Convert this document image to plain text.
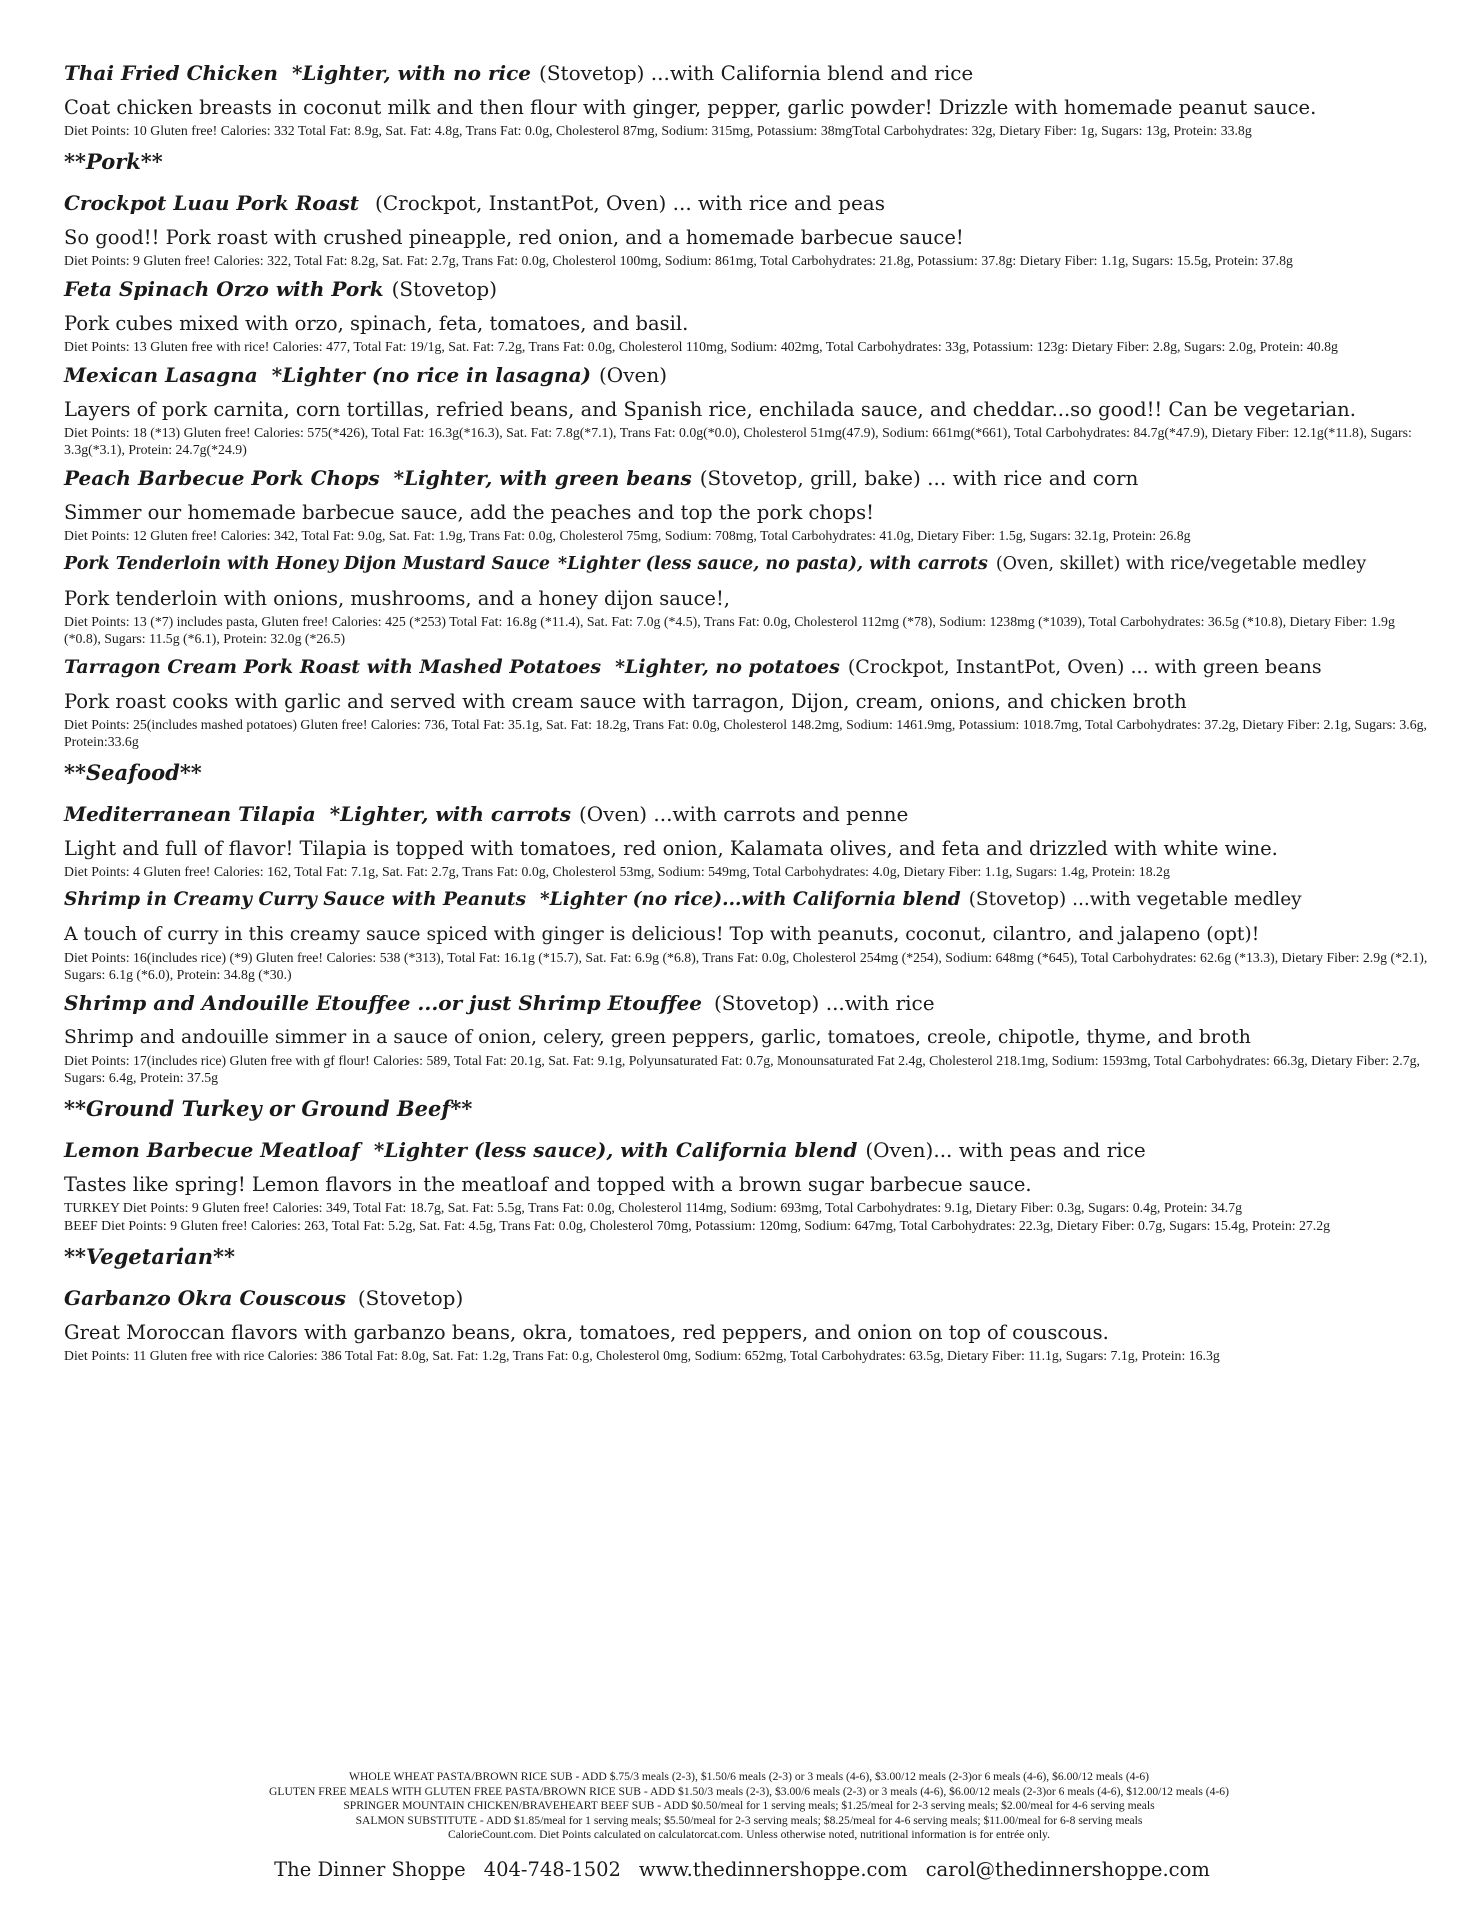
Thai Fried Chicken *Lighter, with no rice (Stovetop) ...with California blend and rice
Coat chicken breasts in coconut milk and then flour with ginger, pepper, garlic powder! Drizzle with homemade peanut sauce.
Diet Points: 10 Gluten free! Calories: 332 Total Fat: 8.9g, Sat. Fat: 4.8g, Trans Fat: 0.0g, Cholesterol 87mg, Sodium: 315mg, Potassium: 38mgTotal Carbohydrates: 32g, Dietary Fiber: 1g, Sugars: 13g, Protein: 33.8g
**Pork**
Crockpot Luau Pork Roast (Crockpot, InstantPot, Oven) ... with rice and peas
So good!! Pork roast with crushed pineapple, red onion, and a homemade barbecue sauce!
Diet Points: 9 Gluten free! Calories: 322, Total Fat: 8.2g, Sat. Fat: 2.7g, Trans Fat: 0.0g, Cholesterol 100mg, Sodium: 861mg, Total Carbohydrates: 21.8g, Potassium: 37.8g: Dietary Fiber: 1.1g, Sugars: 15.5g, Protein: 37.8g
Feta Spinach Orzo with Pork (Stovetop)
Pork cubes mixed with orzo, spinach, feta, tomatoes, and basil.
Diet Points: 13 Gluten free with rice! Calories: 477, Total Fat: 19/1g, Sat. Fat: 7.2g, Trans Fat: 0.0g, Cholesterol 110mg, Sodium: 402mg, Total Carbohydrates: 33g, Potassium: 123g: Dietary Fiber: 2.8g, Sugars: 2.0g, Protein: 40.8g
Mexican Lasagna *Lighter (no rice in lasagna) (Oven)
Layers of pork carnita, corn tortillas, refried beans, and Spanish rice, enchilada sauce, and cheddar...so good!! Can be vegetarian.
Diet Points: 18 (*13) Gluten free! Calories: 575(*426), Total Fat: 16.3g(*16.3), Sat. Fat: 7.8g(*7.1), Trans Fat: 0.0g(*0.0), Cholesterol 51mg(47.9), Sodium: 661mg(*661), Total Carbohydrates: 84.7g(*47.9), Dietary Fiber: 12.1g(*11.8), Sugars: 3.3g(*3.1), Protein: 24.7g(*24.9)
Peach Barbecue Pork Chops *Lighter, with green beans (Stovetop, grill, bake) ... with rice and corn
Simmer our homemade barbecue sauce, add the peaches and top the pork chops!
Diet Points: 12 Gluten free! Calories: 342, Total Fat: 9.0g, Sat. Fat: 1.9g, Trans Fat: 0.0g, Cholesterol 75mg, Sodium: 708mg, Total Carbohydrates: 41.0g, Dietary Fiber: 1.5g, Sugars: 32.1g, Protein: 26.8g
Pork Tenderloin with Honey Dijon Mustard Sauce *Lighter (less sauce, no pasta), with carrots (Oven, skillet) with rice/vegetable medley
Pork tenderloin with onions, mushrooms, and a honey dijon sauce!,
Diet Points: 13 (*7) includes pasta, Gluten free! Calories: 425 (*253) Total Fat: 16.8g (*11.4), Sat. Fat: 7.0g (*4.5), Trans Fat: 0.0g, Cholesterol 112mg (*78), Sodium: 1238mg (*1039), Total Carbohydrates: 36.5g (*10.8), Dietary Fiber: 1.9g (*0.8), Sugars: 11.5g (*6.1), Protein: 32.0g (*26.5)
Tarragon Cream Pork Roast with Mashed Potatoes *Lighter, no potatoes (Crockpot, InstantPot, Oven) ... with green beans
Pork roast cooks with garlic and served with cream sauce with tarragon, Dijon, cream, onions, and chicken broth
Diet Points: 25(includes mashed potatoes) Gluten free! Calories: 736, Total Fat: 35.1g, Sat. Fat: 18.2g, Trans Fat: 0.0g, Cholesterol 148.2mg, Sodium: 1461.9mg, Potassium: 1018.7mg, Total Carbohydrates: 37.2g, Dietary Fiber: 2.1g, Sugars: 3.6g, Protein:33.6g
**Seafood**
Mediterranean Tilapia *Lighter, with carrots (Oven) ...with carrots and penne
Light and full of flavor! Tilapia is topped with tomatoes, red onion, Kalamata olives, and feta and drizzled with white wine.
Diet Points: 4 Gluten free! Calories: 162, Total Fat: 7.1g, Sat. Fat: 2.7g, Trans Fat: 0.0g, Cholesterol 53mg, Sodium: 549mg, Total Carbohydrates: 4.0g, Dietary Fiber: 1.1g, Sugars: 1.4g, Protein: 18.2g
Shrimp in Creamy Curry Sauce with Peanuts *Lighter (no rice)...with California blend (Stovetop) ...with vegetable medley
A touch of curry in this creamy sauce spiced with ginger is delicious! Top with peanuts, coconut, cilantro, and jalapeno (opt)!
Diet Points: 16(includes rice) (*9) Gluten free! Calories: 538 (*313), Total Fat: 16.1g (*15.7), Sat. Fat: 6.9g (*6.8), Trans Fat: 0.0g, Cholesterol 254mg (*254), Sodium: 648mg (*645), Total Carbohydrates: 62.6g (*13.3), Dietary Fiber: 2.9g (*2.1), Sugars: 6.1g (*6.0), Protein: 34.8g (*30.)
Shrimp and Andouille Etouffee ...or just Shrimp Etouffee (Stovetop) ...with rice
Shrimp and andouille simmer in a sauce of onion, celery, green peppers, garlic, tomatoes, creole, chipotle, thyme, and broth
Diet Points: 17(includes rice) Gluten free with gf flour! Calories: 589, Total Fat: 20.1g, Sat. Fat: 9.1g, Polyunsaturated Fat: 0.7g, Monounsaturated Fat 2.4g, Cholesterol 218.1mg, Sodium: 1593mg, Total Carbohydrates: 66.3g, Dietary Fiber: 2.7g, Sugars: 6.4g, Protein: 37.5g
**Ground Turkey or Ground Beef**
Lemon Barbecue Meatloaf *Lighter (less sauce), with California blend (Oven)... with peas and rice
Tastes like spring! Lemon flavors in the meatloaf and topped with a brown sugar barbecue sauce.
TURKEY Diet Points: 9 Gluten free! Calories: 349, Total Fat: 18.7g, Sat. Fat: 5.5g, Trans Fat: 0.0g, Cholesterol 114mg, Sodium: 693mg, Total Carbohydrates: 9.1g, Dietary Fiber: 0.3g, Sugars: 0.4g, Protein: 34.7g
BEEF Diet Points: 9 Gluten free! Calories: 263, Total Fat: 5.2g, Sat. Fat: 4.5g, Trans Fat: 0.0g, Cholesterol 70mg, Potassium: 120mg, Sodium: 647mg, Total Carbohydrates: 22.3g, Dietary Fiber: 0.7g, Sugars: 15.4g, Protein: 27.2g
**Vegetarian**
Garbanzo Okra Couscous (Stovetop)
Great Moroccan flavors with garbanzo beans, okra, tomatoes, red peppers, and onion on top of couscous.
Diet Points: 11 Gluten free with rice Calories: 386 Total Fat: 8.0g, Sat. Fat: 1.2g, Trans Fat: 0.g, Cholesterol 0mg, Sodium: 652mg, Total Carbohydrates: 63.5g, Dietary Fiber: 11.1g, Sugars: 7.1g, Protein: 16.3g
WHOLE WHEAT PASTA/BROWN RICE SUB - ADD $.75/3 meals (2-3), $1.50/6 meals (2-3) or 3 meals (4-6), $3.00/12 meals (2-3)or 6 meals (4-6), $6.00/12 meals (4-6)
GLUTEN FREE MEALS WITH GLUTEN FREE PASTA/BROWN RICE SUB - ADD $1.50/3 meals (2-3), $3.00/6 meals (2-3) or 3 meals (4-6), $6.00/12 meals (2-3)or 6 meals (4-6), $12.00/12 meals (4-6)
SPRINGER MOUNTAIN CHICKEN/BRAVEHEART BEEF SUB - ADD $0.50/meal for 1 serving meals; $1.25/meal for 2-3 serving meals; $2.00/meal for 4-6 serving meals
SALMON SUBSTITUTE - ADD $1.85/meal for 1 serving meals; $5.50/meal for 2-3 serving meals; $8.25/meal for 4-6 serving meals; $11.00/meal for 6-8 serving meals
CalorieCount.com. Diet Points calculated on calculatorcat.com. Unless otherwise noted, nutritional information is for entrée only.
The Dinner Shoppe 404-748-1502 www.thedinnershoppe.com carol@thedinnershoppe.com
